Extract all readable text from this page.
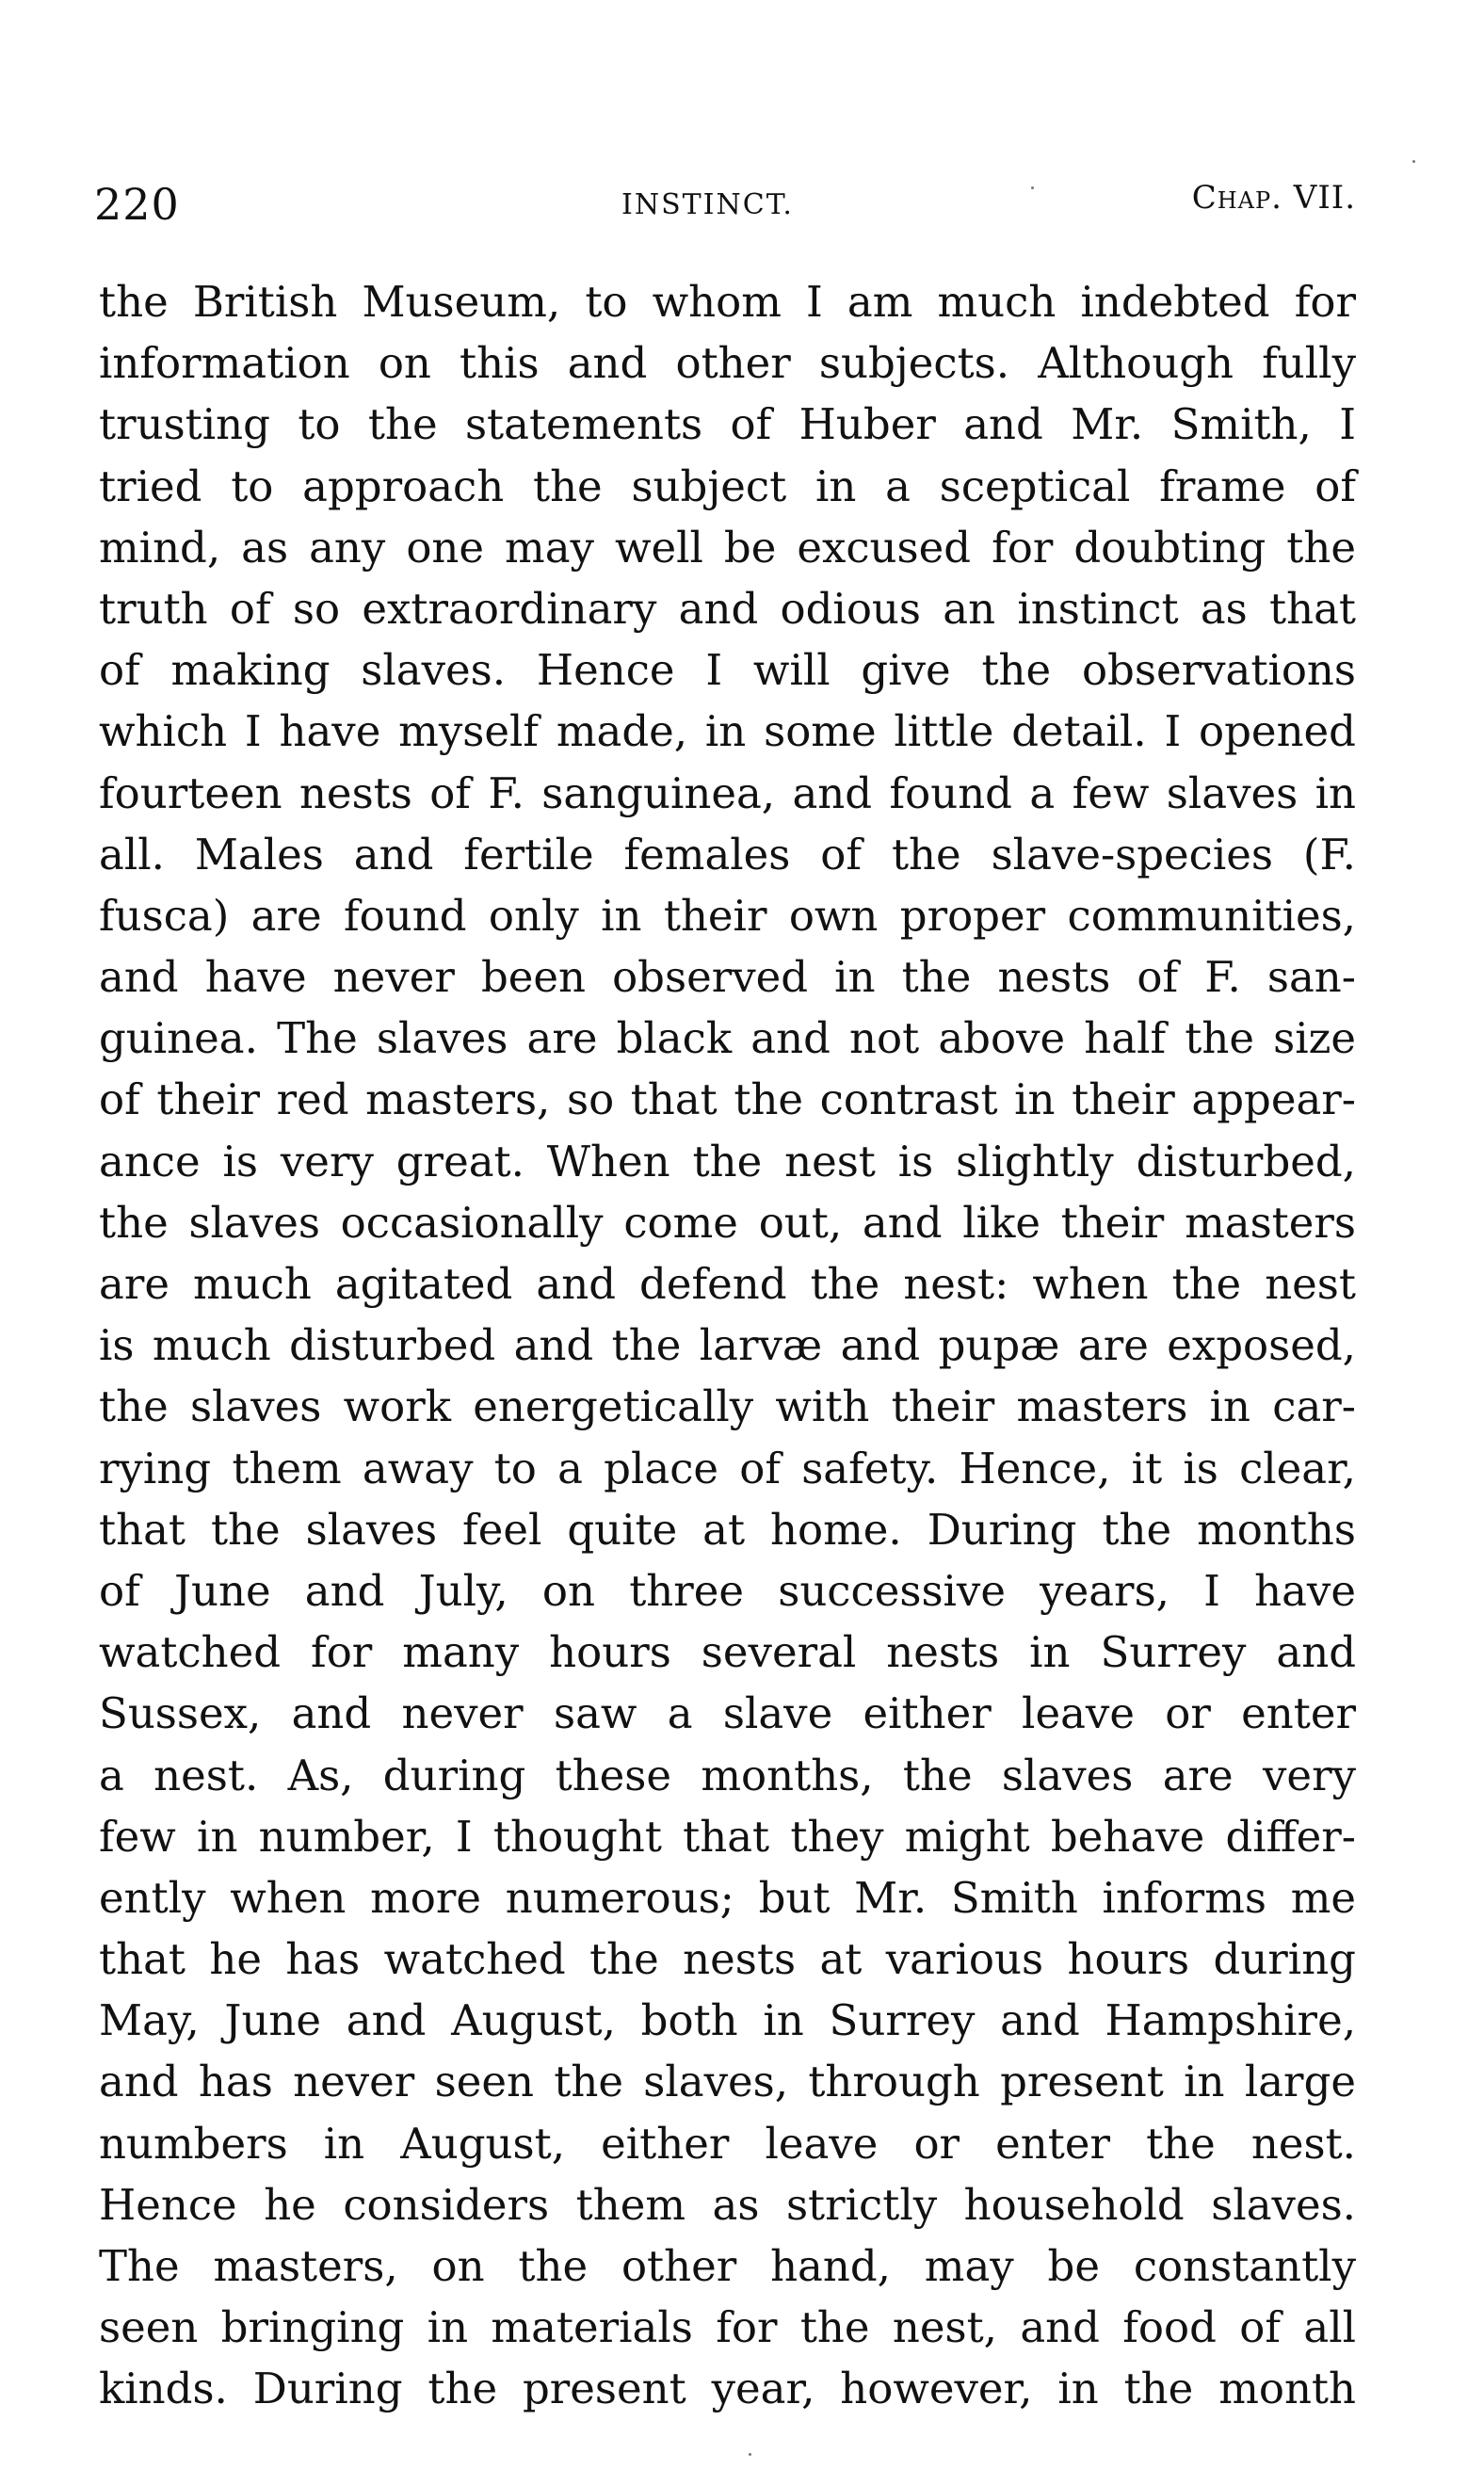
220	INSTINCT.	Chap. VII.
the British Museum, to whom I am much indebted for
information on this and other subjects. Although fully
trusting to the statements of Huber and Mr. Smith, I
tried to approach the subject in a sceptical frame of
mind, as any one may well be excused for doubting the
truth of so extraordinary and odious an instinct as that
of making slaves. Hence I will give the observations
which I have myself made, in some little detail. I opened
fourteen nests of F. sanguinea, and found a few slaves in
all. Males and fertile females of the slave-species (F.
fusca) are found only in their own proper communities,
and have never been observed in the nests of F. san-
guinea. The slaves are black and not above half the size
of their red masters, so that the contrast in their appear-
ance is very great. When the nest is slightly disturbed,
the slaves occasionally come out, and like their masters
are much agitated and defend the nest: when the nest
is much disturbed and the larvæ and pupæ are exposed,
the slaves work energetically with their masters in car-
rying them away to a place of safety. Hence, it is clear,
that the slaves feel quite at home. During the months
of June and July, on three successive years, I have
watched for many hours several nests in Surrey and
Sussex, and never saw a slave either leave or enter
a nest. As, during these months, the slaves are very
few in number, I thought that they might behave differ-
ently when more numerous; but Mr. Smith informs me
that he has watched the nests at various hours during
May, June and August, both in Surrey and Hampshire,
and has never seen the slaves, through present in large
numbers in August, either leave or enter the nest.
Hence he considers them as strictly household slaves.
The masters, on the other hand, may be constantly
seen bringing in materials for the nest, and food of all
kinds. During the present year, however, in the month
